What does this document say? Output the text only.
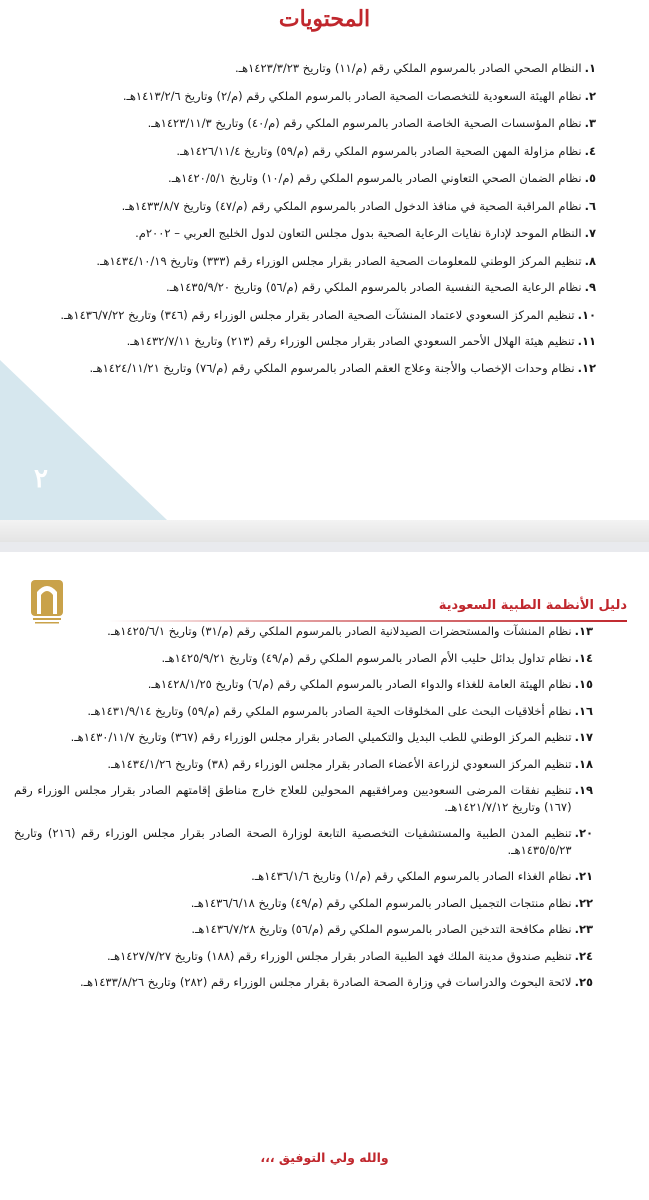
المحتويات
١.
النظام الصحي الصادر بالمرسوم الملكي رقم (م/١١) وتاريخ ١٤٢٣/٣/٢٣هـ.
٢.
نظام الهيئة السعودية للتخصصات الصحية الصادر بالمرسوم الملكي رقم (م/٢) وتاريخ ١٤١٣/٢/٦هـ.
٣.
نظام المؤسسات الصحية الخاصة الصادر بالمرسوم الملكي رقم (م/٤٠) وتاريخ ١٤٢٣/١١/٣هـ.
٤.
نظام مزاولة المهن الصحية الصادر بالمرسوم الملكي رقم (م/٥٩) وتاريخ ١٤٢٦/١١/٤هـ.
٥.
نظام الضمان الصحي التعاوني الصادر بالمرسوم الملكي رقم (م/١٠) وتاريخ ١٤٢٠/٥/١هـ.
٦.
نظام المراقبة الصحية في منافذ الدخول الصادر بالمرسوم الملكي رقم (م/٤٧) وتاريخ ١٤٣٣/٨/٧هـ.
٧.
النظام الموحد لإدارة نفايات الرعاية الصحية بدول مجلس التعاون لدول الخليج العربي – ٢٠٠٢م.
٨.
تنظيم المركز الوطني للمعلومات الصحية الصادر بقرار مجلس الوزراء رقم (٣٣٣) وتاريخ ١٤٣٤/١٠/١٩هـ.
٩.
نظام الرعاية الصحية النفسية الصادر بالمرسوم الملكي رقم (م/٥٦) وتاريخ ١٤٣٥/٩/٢٠هـ.
١٠.
تنظيم المركز السعودي لاعتماد المنشآت الصحية الصادر بقرار مجلس الوزراء رقم (٣٤٦) وتاريخ ١٤٣٦/٧/٢٢هـ.
١١.
تنظيم هيئة الهلال الأحمر السعودي الصادر بقرار مجلس الوزراء رقم (٢١٣) وتاريخ ١٤٣٢/٧/١١هـ.
١٢.
نظام وحدات الإخصاب والأجنة وعلاج العقم الصادر بالمرسوم الملكي رقم (م/٧٦) وتاريخ ١٤٢٤/١١/٢١هـ.
٢
دليل الأنظمة الطبية السعودية
١٣.
نظام المنشآت والمستحضرات الصيدلانية الصادر بالمرسوم الملكي رقم (م/٣١) وتاريخ ١٤٢٥/٦/١هـ.
١٤.
نظام تداول بدائل حليب الأم الصادر بالمرسوم الملكي رقم (م/٤٩) وتاريخ ١٤٢٥/٩/٢١هـ.
١٥.
نظام الهيئة العامة للغذاء والدواء الصادر بالمرسوم الملكي رقم (م/٦) وتاريخ ١٤٢٨/١/٢٥هـ.
١٦.
نظام أخلاقيات البحث على المخلوقات الحية الصادر بالمرسوم الملكي رقم (م/٥٩) وتاريخ ١٤٣١/٩/١٤هـ.
١٧.
تنظيم المركز الوطني للطب البديل والتكميلي الصادر بقرار مجلس الوزراء رقم (٣٦٧) وتاريخ ١٤٣٠/١١/٧هـ.
١٨.
تنظيم المركز السعودي لزراعة الأعضاء الصادر بقرار مجلس الوزراء رقم (٣٨) وتاريخ ١٤٣٤/١/٢٦هـ.
١٩.
تنظيم نفقات المرضى السعوديين ومرافقيهم المحولين للعلاج خارج مناطق إقامتهم الصادر بقرار مجلس الوزراء رقم (١٦٧) وتاريخ ١٤٢١/٧/١٢هـ.
٢٠.
تنظيم المدن الطبية والمستشفيات التخصصية التابعة لوزارة الصحة الصادر بقرار مجلس الوزراء رقم (٢١٦) وتاريخ ١٤٣٥/٥/٢٣هـ.
٢١.
نظام الغذاء الصادر بالمرسوم الملكي رقم (م/١) وتاريخ ١٤٣٦/١/٦هـ.
٢٢.
نظام منتجات التجميل الصادر بالمرسوم الملكي رقم (م/٤٩) وتاريخ ١٤٣٦/٦/١٨هـ.
٢٣.
نظام مكافحة التدخين الصادر بالمرسوم الملكي رقم (م/٥٦) وتاريخ ١٤٣٦/٧/٢٨هـ.
٢٤.
تنظيم صندوق مدينة الملك فهد الطبية الصادر بقرار مجلس الوزراء رقم (١٨٨) وتاريخ ١٤٢٧/٧/٢٧هـ.
٢٥.
لائحة البحوث والدراسات في وزارة الصحة الصادرة بقرار مجلس الوزراء رقم (٢٨٢) وتاريخ ١٤٣٣/٨/٢٦هـ.
والله ولي التوفيق ،،،
